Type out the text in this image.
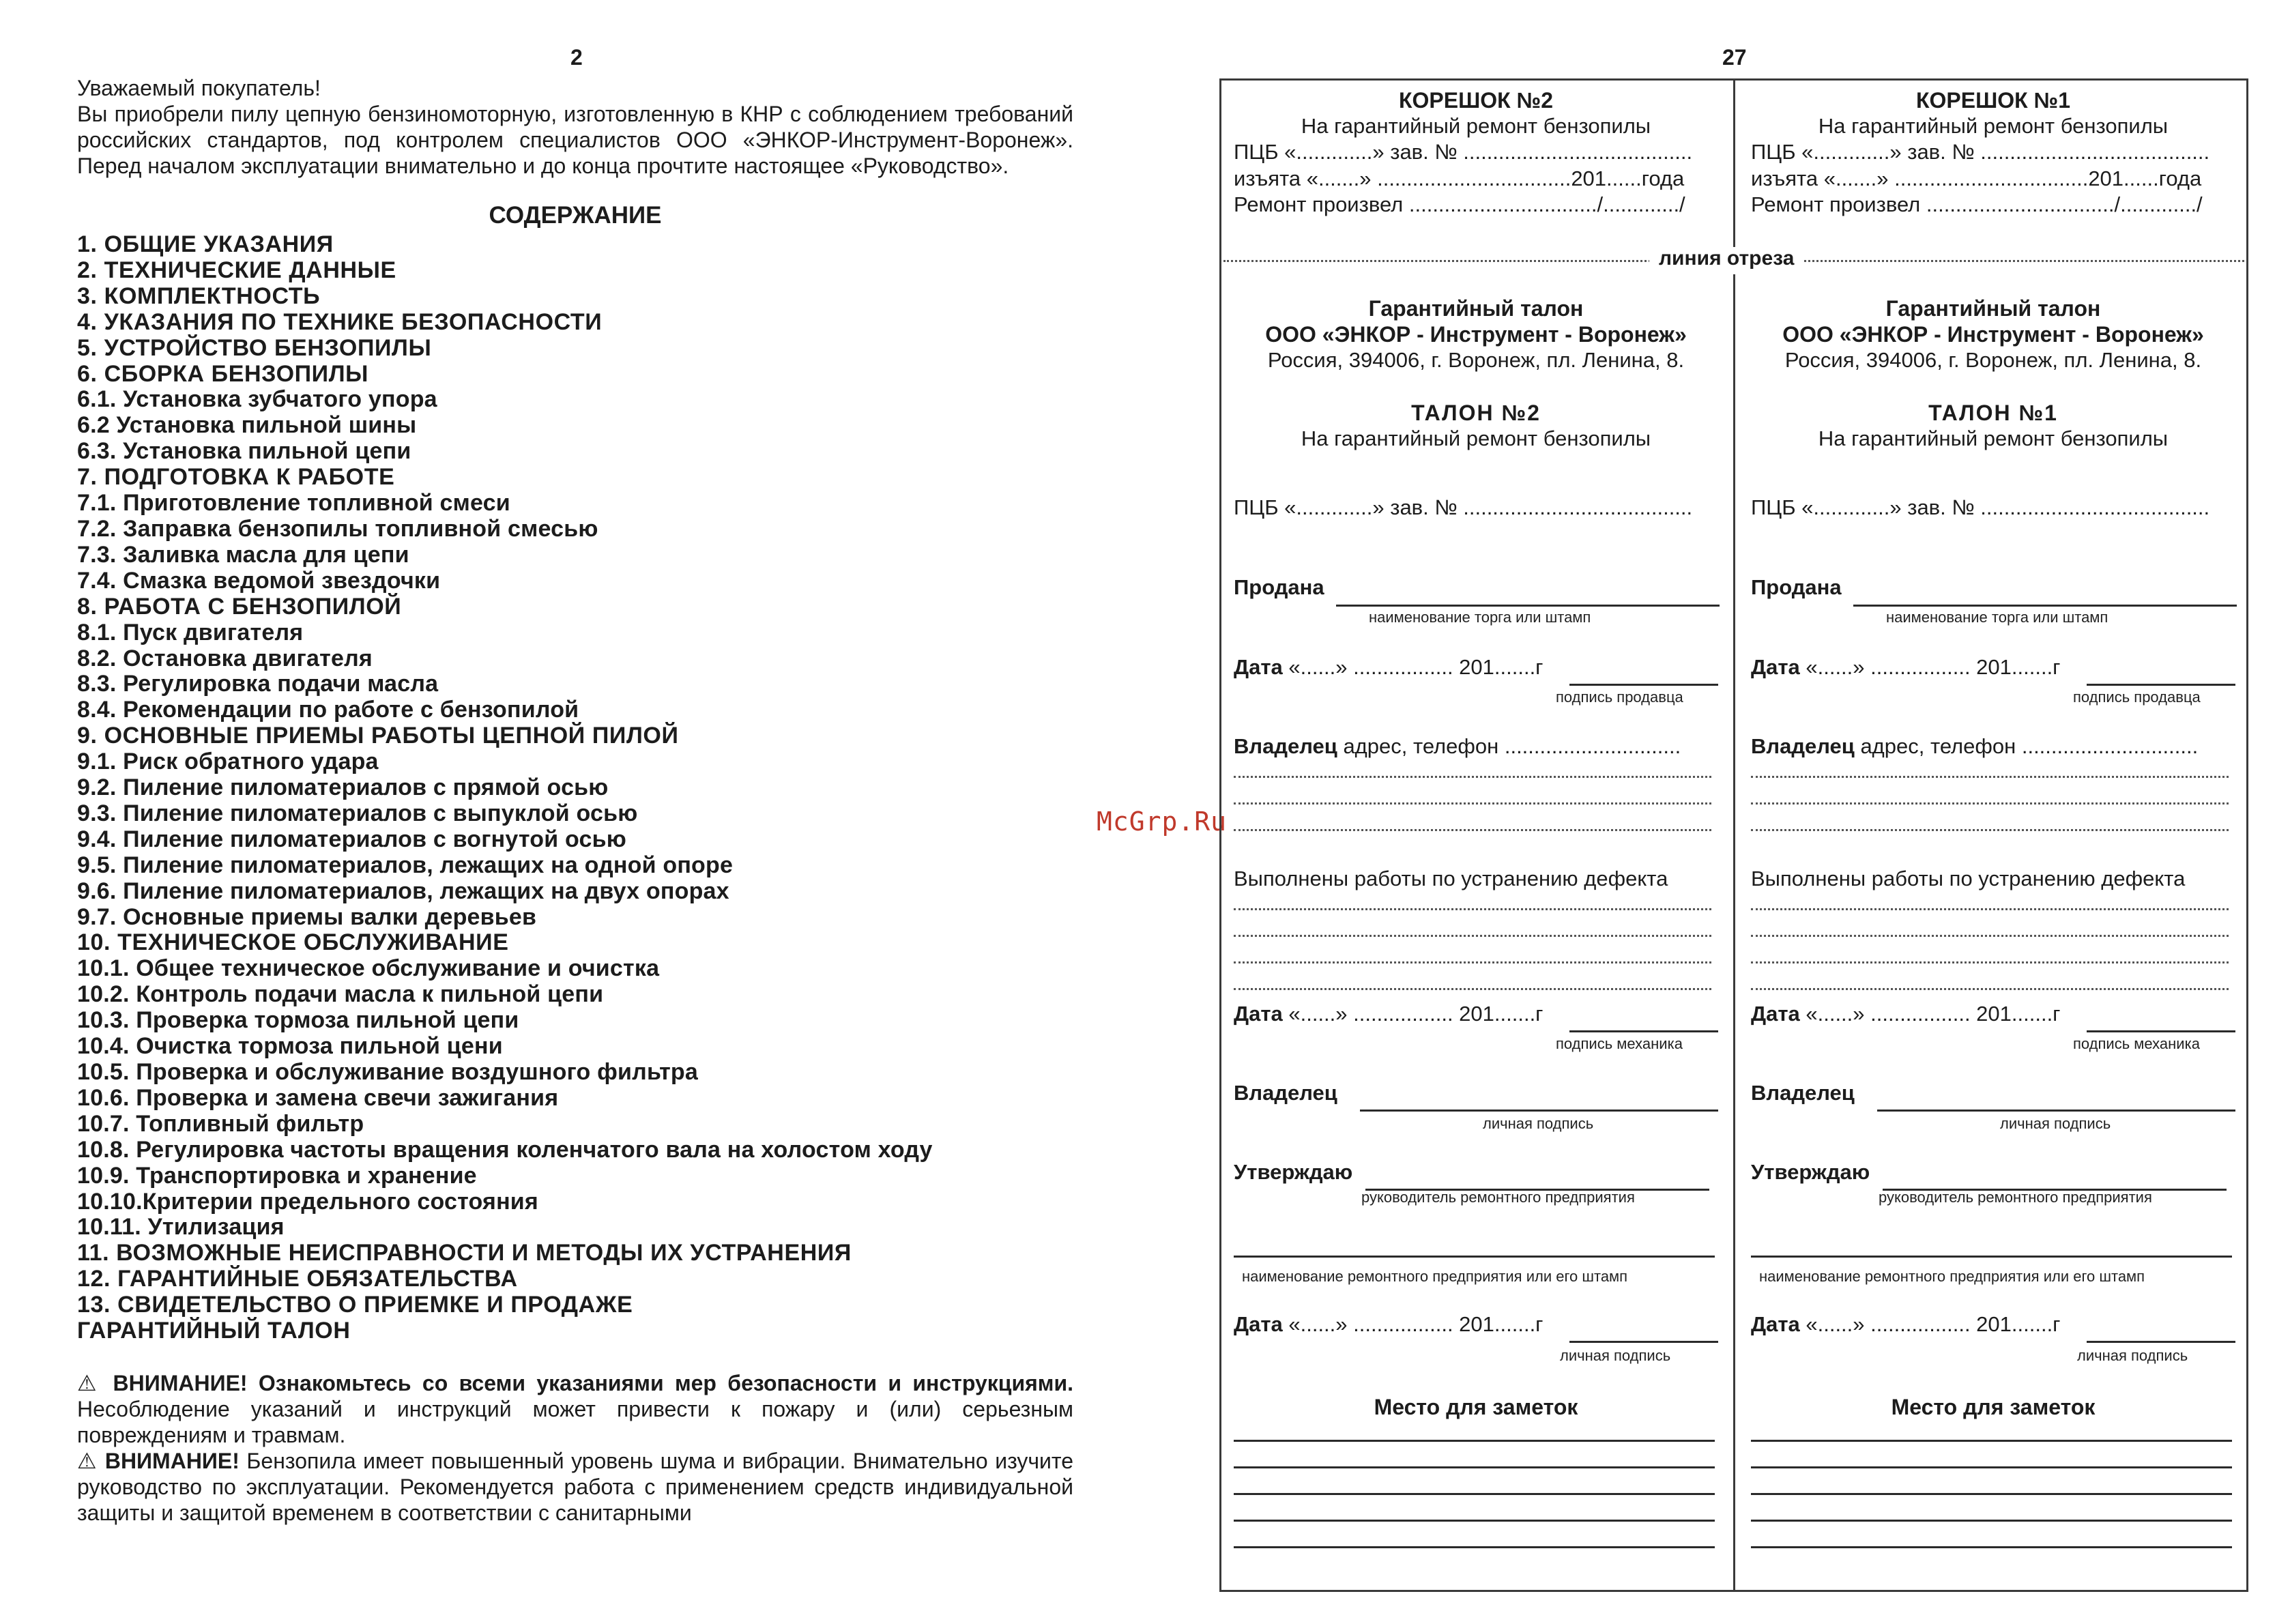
2
Уважаемый покупатель!
Вы приобрели пилу цепную бензиномоторную, изготовленную в КНР с соблюдением требований российских стандартов, под контролем специалистов ООО «ЭНКОР-Инструмент-Воронеж». Перед началом эксплуатации внимательно и до конца прочтите настоящее «Руководство».
СОДЕРЖАНИЕ
1. ОБЩИЕ УКАЗАНИЯ
2. ТЕХНИЧЕСКИЕ ДАННЫЕ
3. КОМПЛЕКТНОСТЬ
4. УКАЗАНИЯ ПО ТЕХНИКЕ БЕЗОПАСНОСТИ
5. УСТРОЙСТВО БЕНЗОПИЛЫ
6. СБОРКА БЕНЗОПИЛЫ
6.1. Установка зубчатого упора
6.2 Установка пильной шины
6.3. Установка пильной цепи
7. ПОДГОТОВКА К РАБОТЕ
7.1. Приготовление топливной смеси
7.2. Заправка бензопилы топливной смесью
7.3. Заливка масла для цепи
7.4. Смазка ведомой звездочки
8. РАБОТА С БЕНЗОПИЛОЙ
8.1. Пуск двигателя
8.2. Остановка двигателя
8.3. Регулировка подачи масла
8.4. Рекомендации по работе с бензопилой
9. ОСНОВНЫЕ ПРИЕМЫ РАБОТЫ ЦЕПНОЙ ПИЛОЙ
9.1. Риск обратного удара
9.2. Пиление пиломатериалов с прямой осью
9.3. Пиление пиломатериалов с выпуклой осью
9.4. Пиление пиломатериалов с вогнутой осью
9.5. Пиление пиломатериалов, лежащих на одной опоре
9.6. Пиление пиломатериалов, лежащих на двух опорах
9.7. Основные приемы валки деревьев
10. ТЕХНИЧЕСКОЕ ОБСЛУЖИВАНИЕ
10.1. Общее техническое обслуживание и очистка
10.2. Контроль подачи масла к пильной цепи
10.3. Проверка тормоза пильной цепи
10.4. Очистка тормоза пильной цени
10.5. Проверка и обслуживание воздушного фильтра
10.6. Проверка и замена свечи зажигания
10.7. Топливный фильтр
10.8. Регулировка частоты вращения коленчатого вала на холостом ходу
10.9. Транспортировка и хранение
10.10.Критерии предельного состояния
10.11. Утилизация
11. ВОЗМОЖНЫЕ НЕИСПРАВНОСТИ И МЕТОДЫ ИХ УСТРАНЕНИЯ
12. ГАРАНТИЙНЫЕ ОБЯЗАТЕЛЬСТВА
13. СВИДЕТЕЛЬСТВО О ПРИЕМКЕ И ПРОДАЖЕ
ГАРАНТИЙНЫЙ ТАЛОН
⚠ ВНИМАНИЕ! Ознакомьтесь со всеми указаниями мер безопасности и инструкциями. Несоблюдение указаний и инструкций может привести к пожару и (или) серьезным повреждениям и травмам.
⚠ ВНИМАНИЕ! Бензопила имеет повышенный уровень шума и вибрации. Внимательно изучите руководство по эксплуатации. Рекомендуется работа с применением средств индивидуальной защиты и защитой временем в соответствии с санитарными
McGrp.Ru
27
линия отреза
КОРЕШОК №2
На гарантийный ремонт бензопилы
ПЦБ «.............» зав. № .......................................
изъята «.......» .................................201......года
Ремонт произвел ................................/............./
Гарантийный талон
ООО «ЭНКОР - Инструмент - Воронеж»
Россия, 394006, г. Воронеж, пл. Ленина, 8.
ТАЛОН №2
На гарантийный ремонт бензопилы
ПЦБ «.............» зав. № .......................................
Продана
наименование торга или штамп
Дата «......» ................. 201.......г
подпись продавца
Владелец адрес, телефон ..............................
Выполнены работы по устранению дефекта
Дата «......» ................. 201.......г
подпись механика
Владелец
личная подпись
Утверждаю
руководитель ремонтного предприятия
наименование ремонтного предприятия или его штамп
Дата «......» ................. 201.......г
личная подпись
Место для заметок
КОРЕШОК №1
На гарантийный ремонт бензопилы
ПЦБ «.............» зав. № .......................................
изъята «.......» .................................201......года
Ремонт произвел ................................/............./
Гарантийный талон
ООО «ЭНКОР - Инструмент - Воронеж»
Россия, 394006, г. Воронеж, пл. Ленина, 8.
ТАЛОН №1
На гарантийный ремонт бензопилы
ПЦБ «.............» зав. № .......................................
Продана
наименование торга или штамп
Дата «......» ................. 201.......г
подпись продавца
Владелец адрес, телефон ..............................
Выполнены работы по устранению дефекта
Дата «......» ................. 201.......г
подпись механика
Владелец
личная подпись
Утверждаю
руководитель ремонтного предприятия
наименование ремонтного предприятия или его штамп
Дата «......» ................. 201.......г
личная подпись
Место для заметок
